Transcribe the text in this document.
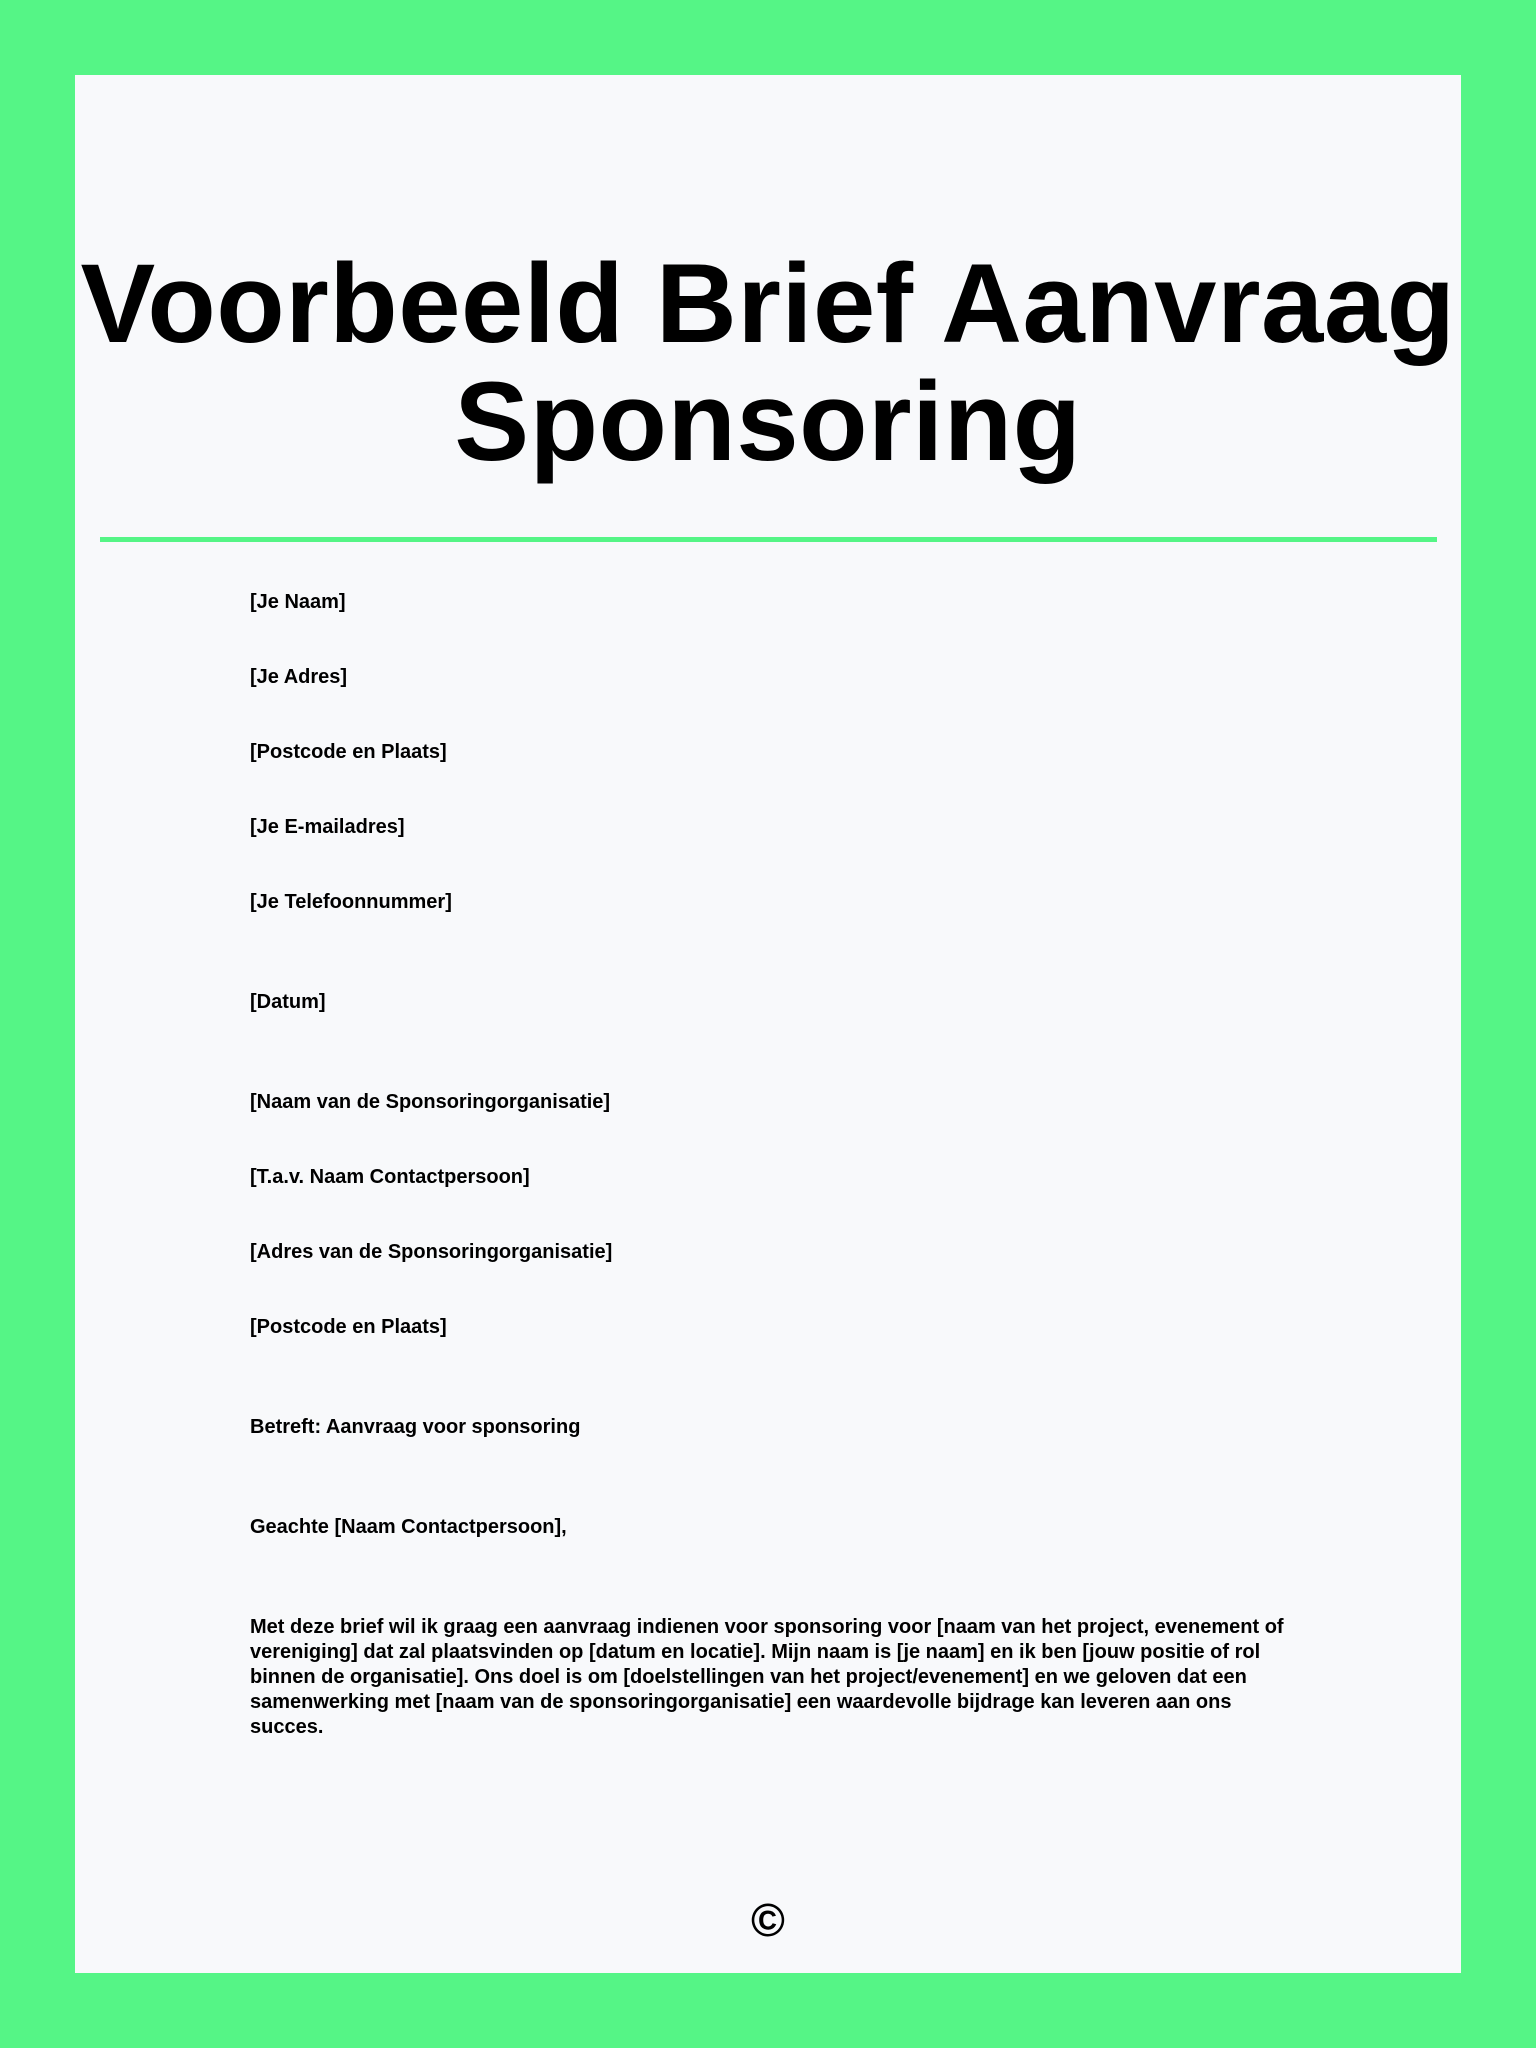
Voorbeeld Brief Aanvraag Sponsoring

[Je Naam]

[Je Adres]

[Postcode en Plaats]

[Je E-mailadres]

[Je Telefoonnummer]

[Datum]

[Naam van de Sponsoringorganisatie]

[T.a.v. Naam Contactpersoon]

[Adres van de Sponsoringorganisatie]

[Postcode en Plaats]

Betreft: Aanvraag voor sponsoring

Geachte [Naam Contactpersoon],

Met deze brief wil ik graag een aanvraag indienen voor sponsoring voor [naam van het project, evenement of vereniging] dat zal plaatsvinden op [datum en locatie]. Mijn naam is [je naam] en ik ben [jouw positie of rol binnen de organisatie]. Ons doel is om [doelstellingen van het project/evenement] en we geloven dat een samenwerking met [naam van de sponsoringorganisatie] een waardevolle bijdrage kan leveren aan ons succes.

©
